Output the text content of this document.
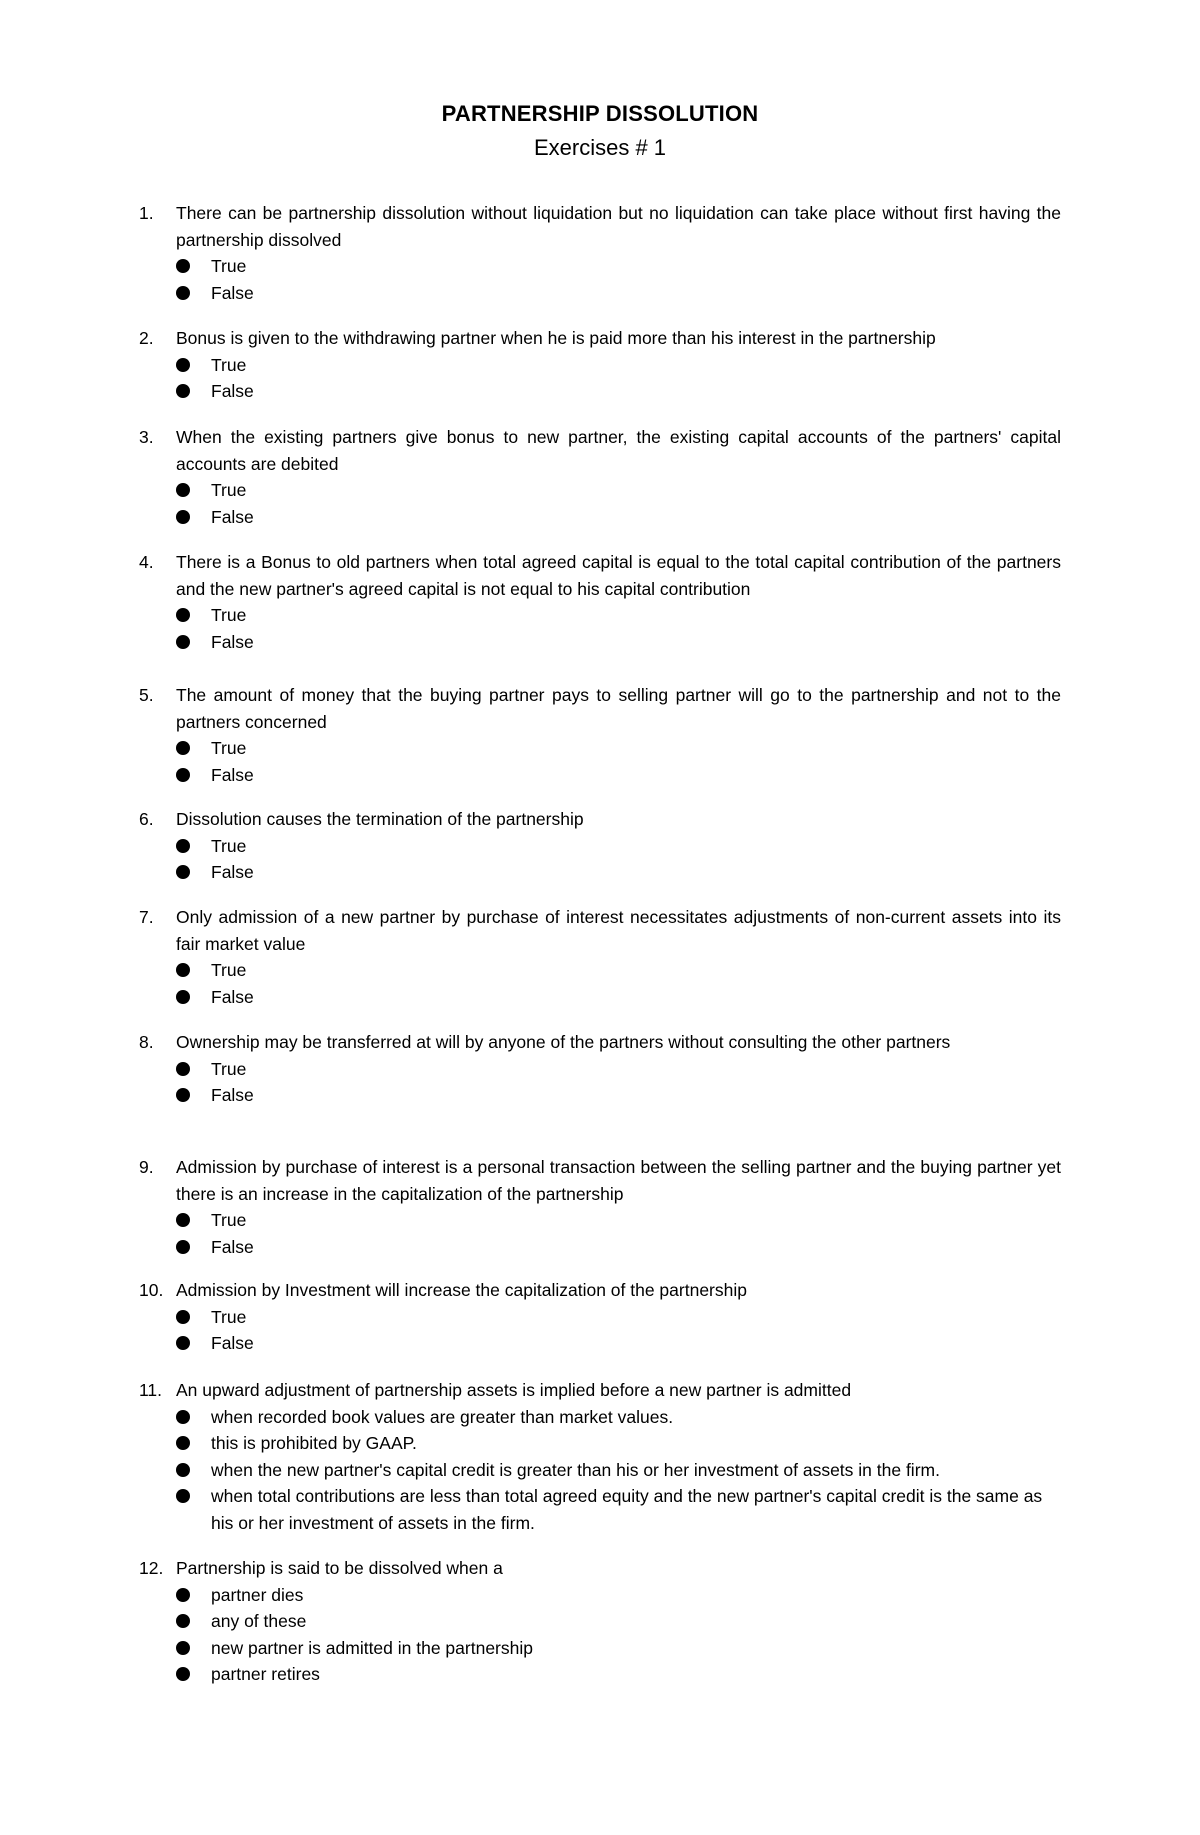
PARTNERSHIP DISSOLUTION
Exercises # 1
1.	There can be partnership dissolution without liquidation but no liquidation can take place without first having the partnership dissolved
True
False
2.	Bonus is given to the withdrawing partner when he is paid more than his interest in the partnership
True
False
3.	When the existing partners give bonus to new partner, the existing capital accounts of the partners' capital accounts are debited
True
False
4.	There is a Bonus to old partners when total agreed capital is equal to the total capital contribution of the partners and the new partner's agreed capital is not equal to his capital contribution
True
False
5.	The amount of money that the buying partner pays to selling partner will go to the partnership and not to the partners concerned
True
False
6.	Dissolution causes the termination of the partnership
True
False
7.	Only admission of a new partner by purchase of interest necessitates adjustments of non-current assets into its fair market value
True
False
8.	Ownership may be transferred at will by anyone of the partners without consulting the other partners
True
False
9.	Admission by purchase of interest is a personal transaction between the selling partner and the buying partner yet there is an increase in the capitalization of the partnership
True
False
10. Admission by Investment will increase the capitalization of the partnership
True
False
11. An upward adjustment of partnership assets is implied before a new partner is admitted
when recorded book values are greater than market values.
this is prohibited by GAAP.
when the new partner's capital credit is greater than his or her investment of assets in the firm.
when total contributions are less than total agreed equity and the new partner's capital credit is the same as his or her investment of assets in the firm.
12. Partnership is said to be dissolved when a
partner dies
any of these
new partner is admitted in the partnership
partner retires
